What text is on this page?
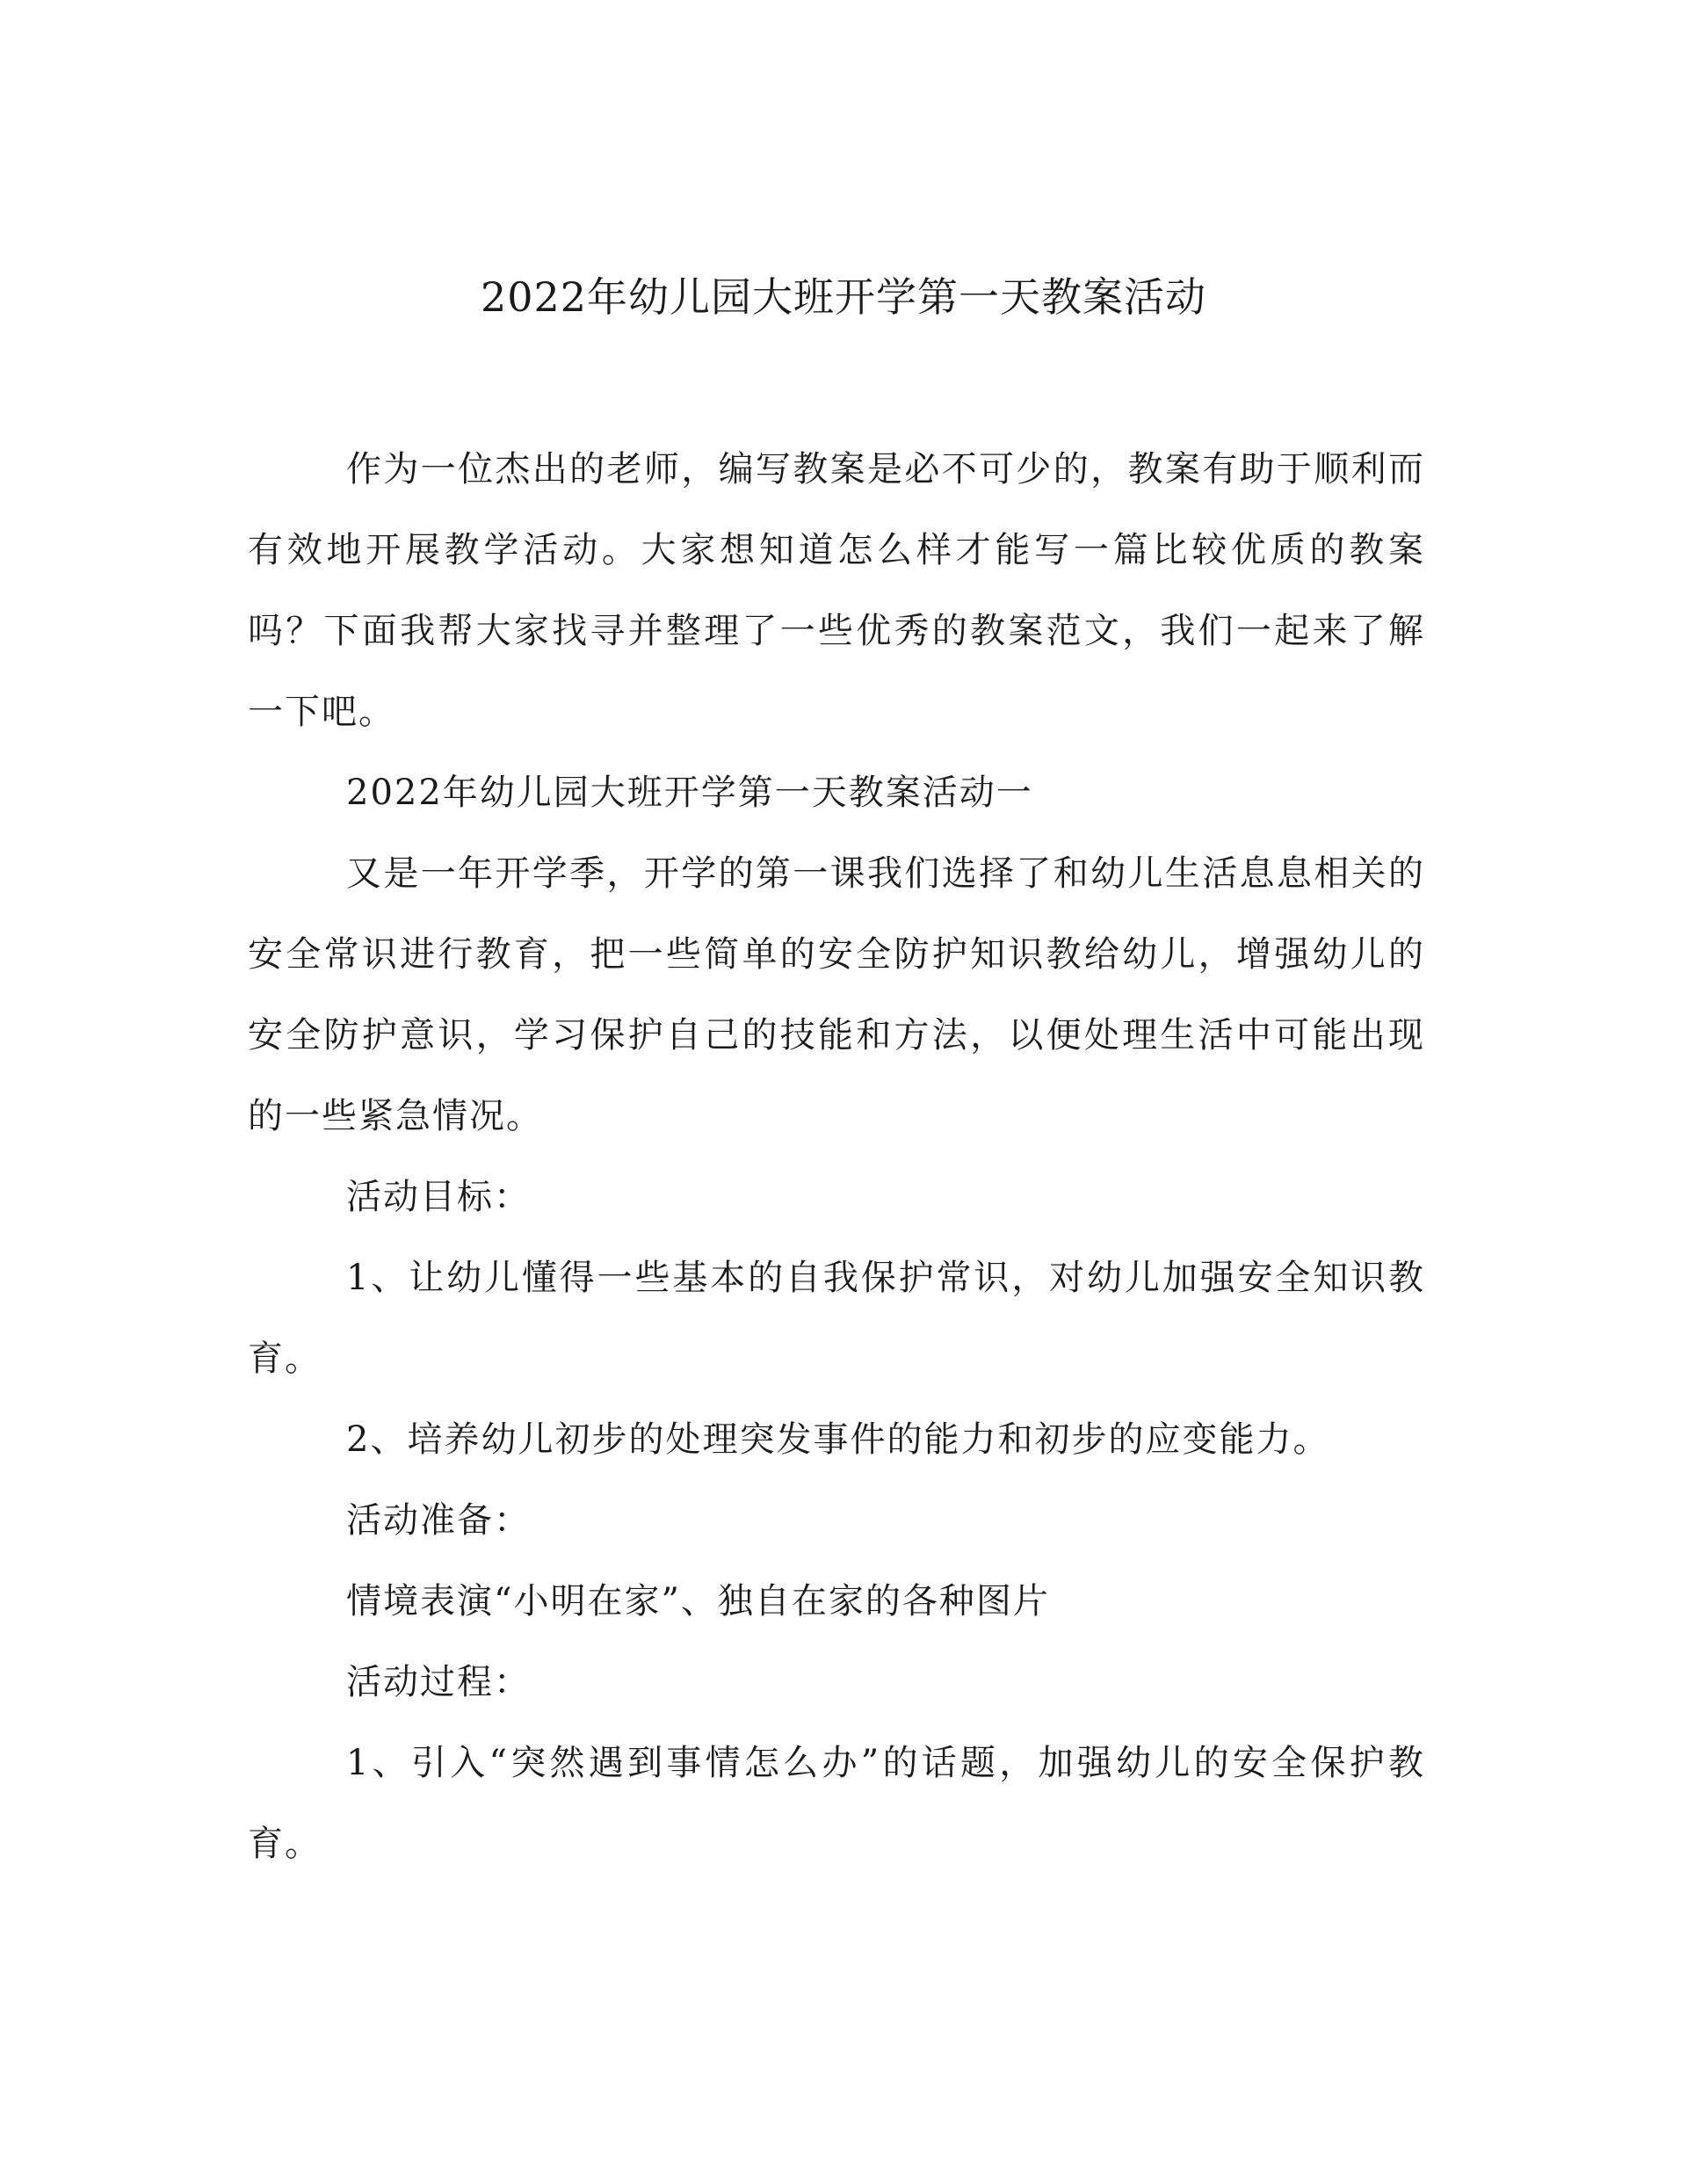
2022年幼儿园大班开学第一天教案活动

作为一位杰出的老师，编写教案是必不可少的，教案有助于顺利而有效地开展教学活动。大家想知道怎么样才能写一篇比较优质的教案吗？下面我帮大家找寻并整理了一些优秀的教案范文，我们一起来了解一下吧。

2022年幼儿园大班开学第一天教案活动一

又是一年开学季，开学的第一课我们选择了和幼儿生活息息相关的安全常识进行教育，把一些简单的安全防护知识教给幼儿，增强幼儿的安全防护意识，学习保护自己的技能和方法，以便处理生活中可能出现的一些紧急情况。

活动目标：

1、让幼儿懂得一些基本的自我保护常识，对幼儿加强安全知识教育。

2、培养幼儿初步的处理突发事件的能力和初步的应变能力。

活动准备：

情境表演“小明在家”、独自在家的各种图片

活动过程：

1、引入“突然遇到事情怎么办”的话题，加强幼儿的安全保护教育。
